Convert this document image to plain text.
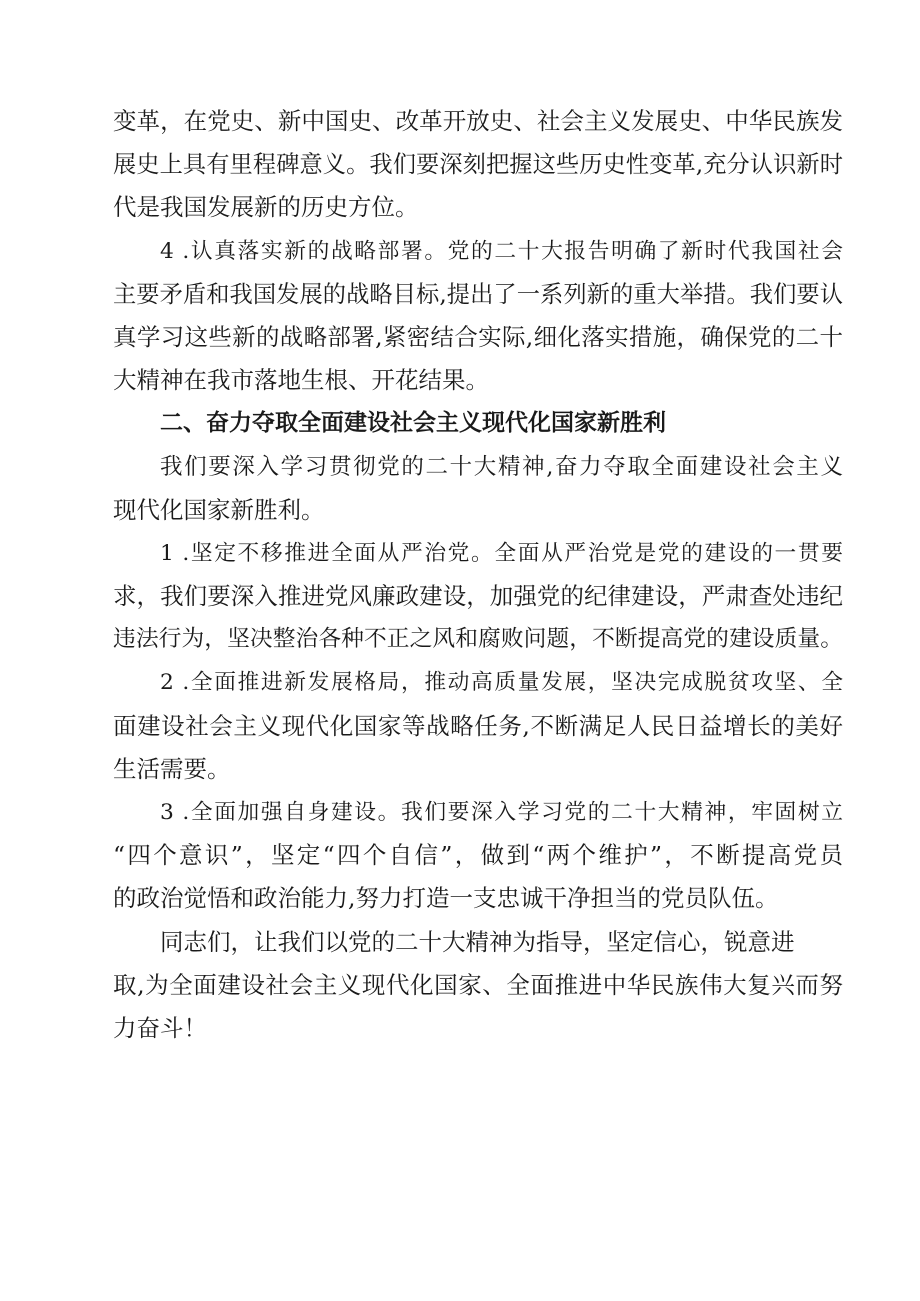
变革，在党史、新中国史、改革开放史、社会主义发展史、中华民族发
展史上具有里程碑意义。我们要深刻把握这些历史性变革,充分认识新时
代是我国发展新的历史方位。
4 .认真落实新的战略部署。党的二十大报告明确了新时代我国社会
主要矛盾和我国发展的战略目标,提出了一系列新的重大举措。我们要认
真学习这些新的战略部署,紧密结合实际,细化落实措施，确保党的二十
大精神在我市落地生根、开花结果。
二、奋力夺取全面建设社会主义现代化国家新胜利
我们要深入学习贯彻党的二十大精神,奋力夺取全面建设社会主义
现代化国家新胜利。
1 .坚定不移推进全面从严治党。全面从严治党是党的建设的一贯要
求，我们要深入推进党风廉政建设，加强党的纪律建设，严肃查处违纪
违法行为，坚决整治各种不正之风和腐败问题，不断提高党的建设质量。
2 .全面推进新发展格局，推动高质量发展，坚决完成脱贫攻坚、全
面建设社会主义现代化国家等战略任务,不断满足人民日益增长的美好
生活需要。
3 .全面加强自身建设。我们要深入学习党的二十大精神，牢固树立
“四个意识”，坚定“四个自信”，做到“两个维护”，不断提高党员
的政治觉悟和政治能力,努力打造一支忠诚干净担当的党员队伍。
同志们，让我们以党的二十大精神为指导，坚定信心，锐意进
取,为全面建设社会主义现代化国家、全面推进中华民族伟大复兴而努
力奋斗！
